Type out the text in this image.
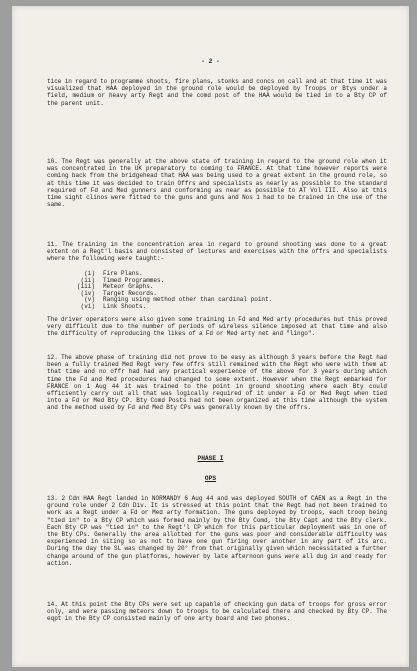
- 2 -
tice in regard to programme shoots, fire plans, stonks and concs on call and at that time it was visualized that HAA deployed in the ground role would be deployed by Troops or Btys under a field, medium or heavy arty Regt and the comd post of the HAA would be tied in to a Bty CP of the parent unit.
10. The Regt was generally at the above state of training in regard to the ground role when it was concentrated in the UK preparatory to coming to FRANCE. At that time however reports were coming back from the bridgehead that HAA was being used to a great extent in the ground role, so at this time it was decided to train Offrs and specialists as nearly as possible to the standard required of Fd and Med gunners and conforming as near as possible to AT Vol III. Also at this time sight clinos were fitted to the guns and guns and Nos 1 had to be trained in the use of the same.
11. The training in the concentration area in regard to ground shooting was done to a great extent on a Regt'l basis and consisted of lectures and exercises with the offrs and specialists where the following were taught:-
(i)	Fire Plans.
(ii)	Timed Programmes.
(iii)	Meteor Graphs.
(iv)	Target Records.
(v)	Ranging using method other than cardinal point.
(vi)	Link Shoots.
The driver operators were also given some training in Fd and Med arty procedures but this proved very difficult due to the number of periods of wireless silence imposed at that time and also the difficulty of reproducing the likes of a Fd or Med arty net and "lingo".
12. The above phase of training did not prove to be easy as although 3 years before the Regt had been a fully trained Med Regt very few offrs still remained with the Regt who were with them at that time and no offr had had any practical experience of the above for 3 years during which time the Fd and Med procedures had changed to some extent. However when the Regt embarked for FRANCE on 1 Aug 44 it was trained to the point in ground shooting where each Bty could efficiently carry out all that was logically required of it under a Fd or Med Regt when tied into a Fd or Med Bty CP. Bty Comd Posts had not been organized at this time although the system and the method used by Fd and Med Bty CPs was generally known by the offrs.
PHASE I
OPS
13. 2 Cdn HAA Regt landed in NORMANDY 6 Aug 44 and was deployed SOUTH of CAEN as a Regt in the ground role under 2 Cdn Div. It is stressed at this point that the Regt had not been trained to work as a Regt under a Fd or Med arty formation. The guns deployed by troops, each troop being "tied in" to a Bty CP which was formed mainly by the Bty Comd, the Bty Capt and the Bty clerk. Each Bty CP was "tied in" to the Regt'l CP which for this particular deployment was in one of the Bty CPs. Generally the area allotted for the guns was poor and considerable difficulty was experienced in siting so as not to have one gun firing over another in any part of its arc. During the day the SL was changed by 20° from that originally given which necessitated a further change around of the gun platforms, however by late afternoon guns were all dug in and ready for action.
14. At this point the Bty CPs were set up capable of checking gun data of troops for gross error only, and were passing meteors down to troops to be calculated there and checked by Bty CP. The eqpt in the Bty CP consisted mainly of one arty board and two phones.
